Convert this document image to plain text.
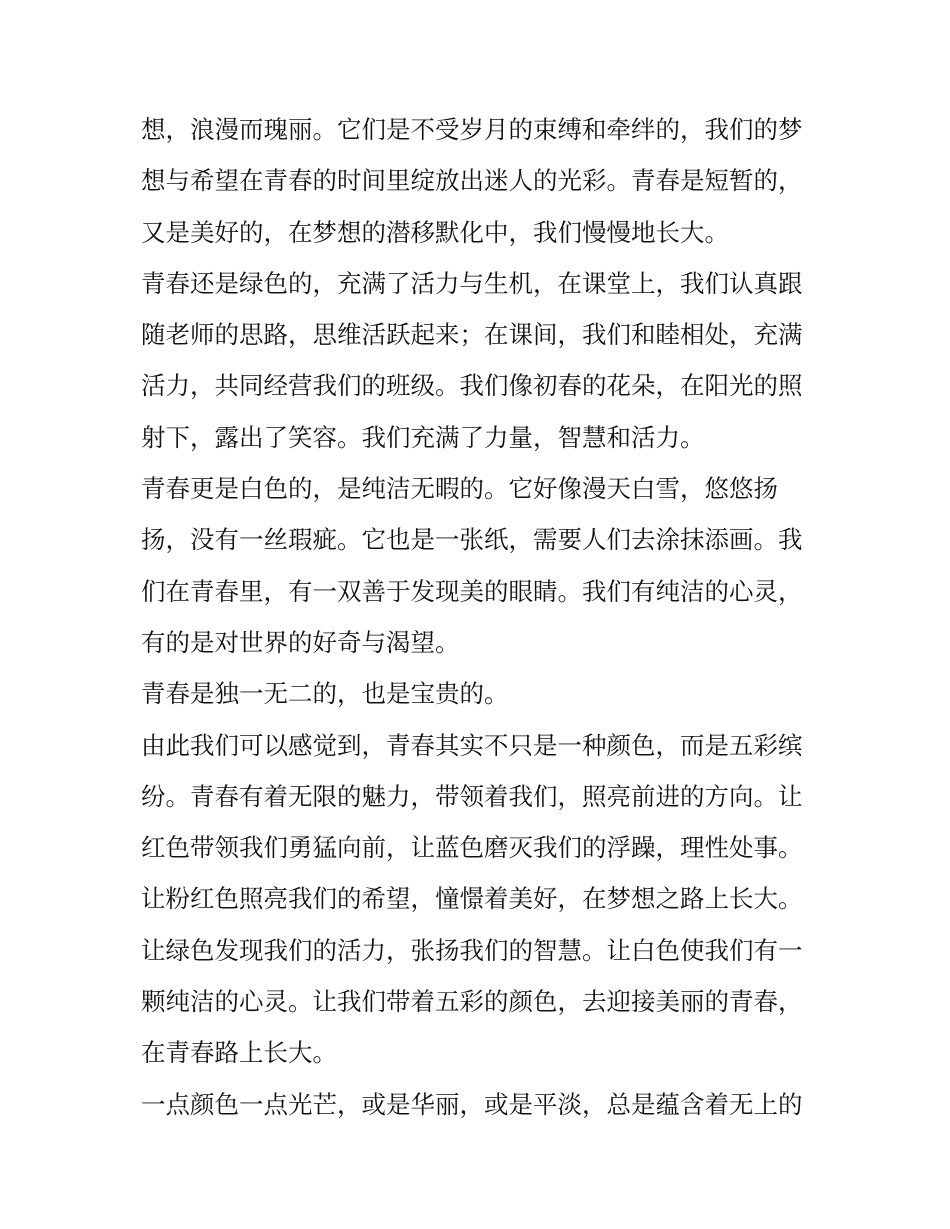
想，浪漫而瑰丽。它们是不受岁月的束缚和牵绊的，我们的梦
想与希望在青春的时间里绽放出迷人的光彩。青春是短暂的，
又是美好的，在梦想的潜移默化中，我们慢慢地长大。
青春还是绿色的，充满了活力与生机，在课堂上，我们认真跟
随老师的思路，思维活跃起来；在课间，我们和睦相处，充满
活力，共同经营我们的班级。我们像初春的花朵，在阳光的照
射下，露出了笑容。我们充满了力量，智慧和活力。
青春更是白色的，是纯洁无暇的。它好像漫天白雪，悠悠扬
扬，没有一丝瑕疵。它也是一张纸，需要人们去涂抹添画。我
们在青春里，有一双善于发现美的眼睛。我们有纯洁的心灵，
有的是对世界的好奇与渴望。
青春是独一无二的，也是宝贵的。
由此我们可以感觉到，青春其实不只是一种颜色，而是五彩缤
纷。青春有着无限的魅力，带领着我们，照亮前进的方向。让
红色带领我们勇猛向前，让蓝色磨灭我们的浮躁，理性处事。
让粉红色照亮我们的希望，憧憬着美好，在梦想之路上长大。
让绿色发现我们的活力，张扬我们的智慧。让白色使我们有一
颗纯洁的心灵。让我们带着五彩的颜色，去迎接美丽的青春，
在青春路上长大。
一点颜色一点光芒，或是华丽，或是平淡，总是蕴含着无上的
